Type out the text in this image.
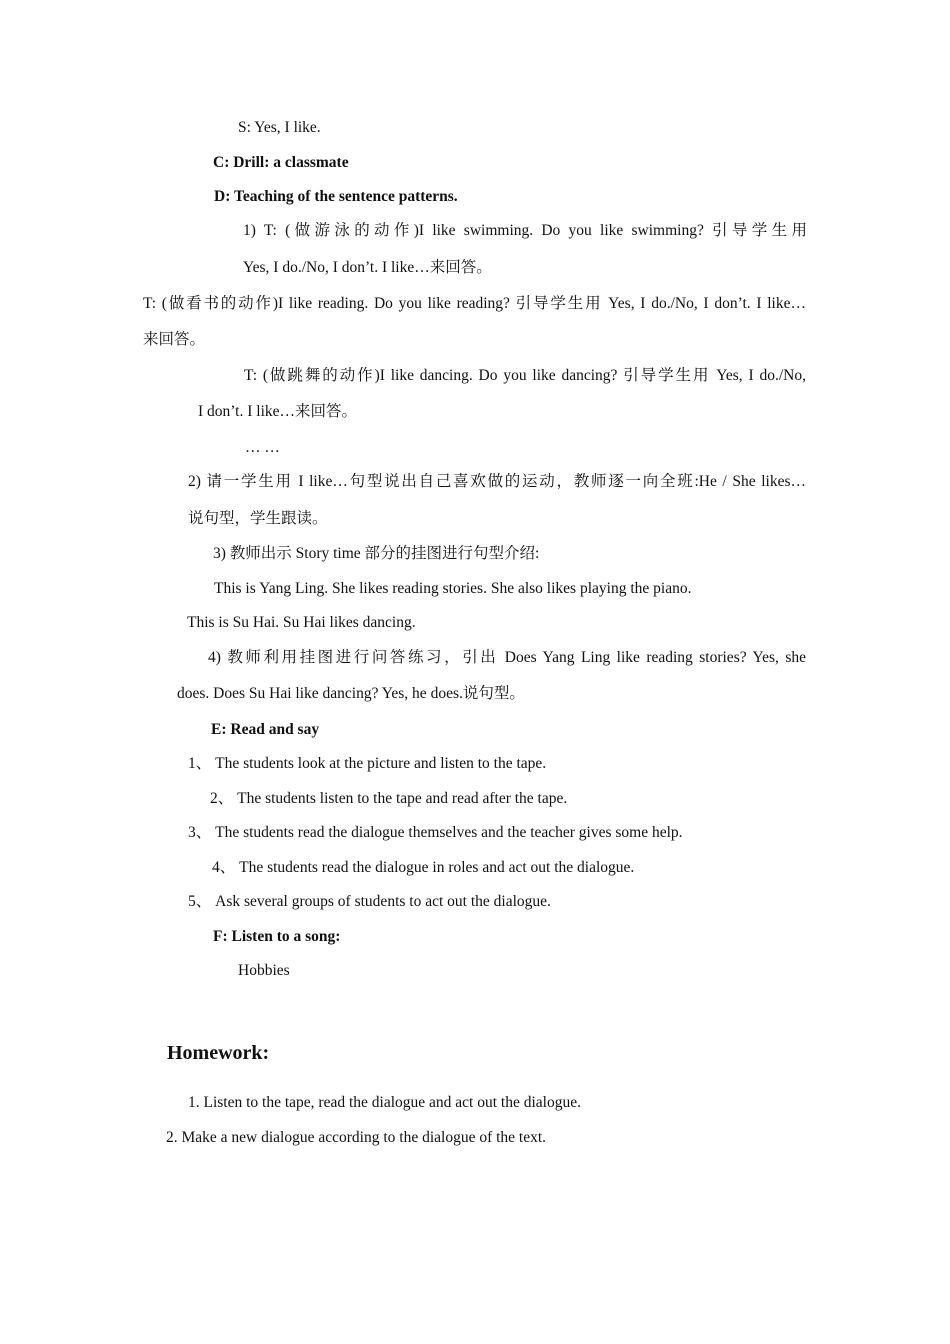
S: Yes, I like.
C: Drill: a classmate
D: Teaching of the sentence patterns.
1) T: (做游泳的动作)I like swimming. Do you like swimming? 引导学生用
Yes, I do./No, I don’t. I like…来回答。
T: (做看书的动作)I like reading. Do you like reading? 引导学生用 Yes, I do./No, I don’t. I like…
来回答。
T: (做跳舞的动作)I like dancing. Do you like dancing? 引导学生用 Yes, I do./No,
I don’t. I like…来回答。
… …
2) 请一学生用 I like…句型说出自己喜欢做的运动，教师逐一向全班:He / She likes…
说句型，学生跟读。
3) 教师出示 Story time 部分的挂图进行句型介绍:
This is Yang Ling. She likes reading stories. She also likes playing the piano.
This is Su Hai. Su Hai likes dancing.
4) 教师利用挂图进行问答练习，引出 Does Yang Ling like reading stories? Yes, she
does. Does Su Hai like dancing? Yes, he does.说句型。
E: Read and say
1、 The students look at the picture and listen to the tape.
2、 The students listen to the tape and read after the tape.
3、 The students read the dialogue themselves and the teacher gives some help.
4、 The students read the dialogue in roles and act out the dialogue.
5、 Ask several groups of students to act out the dialogue.
F: Listen to a song:
Hobbies
Homework:
1. Listen to the tape, read the dialogue and act out the dialogue.
2. Make a new dialogue according to the dialogue of the text.
